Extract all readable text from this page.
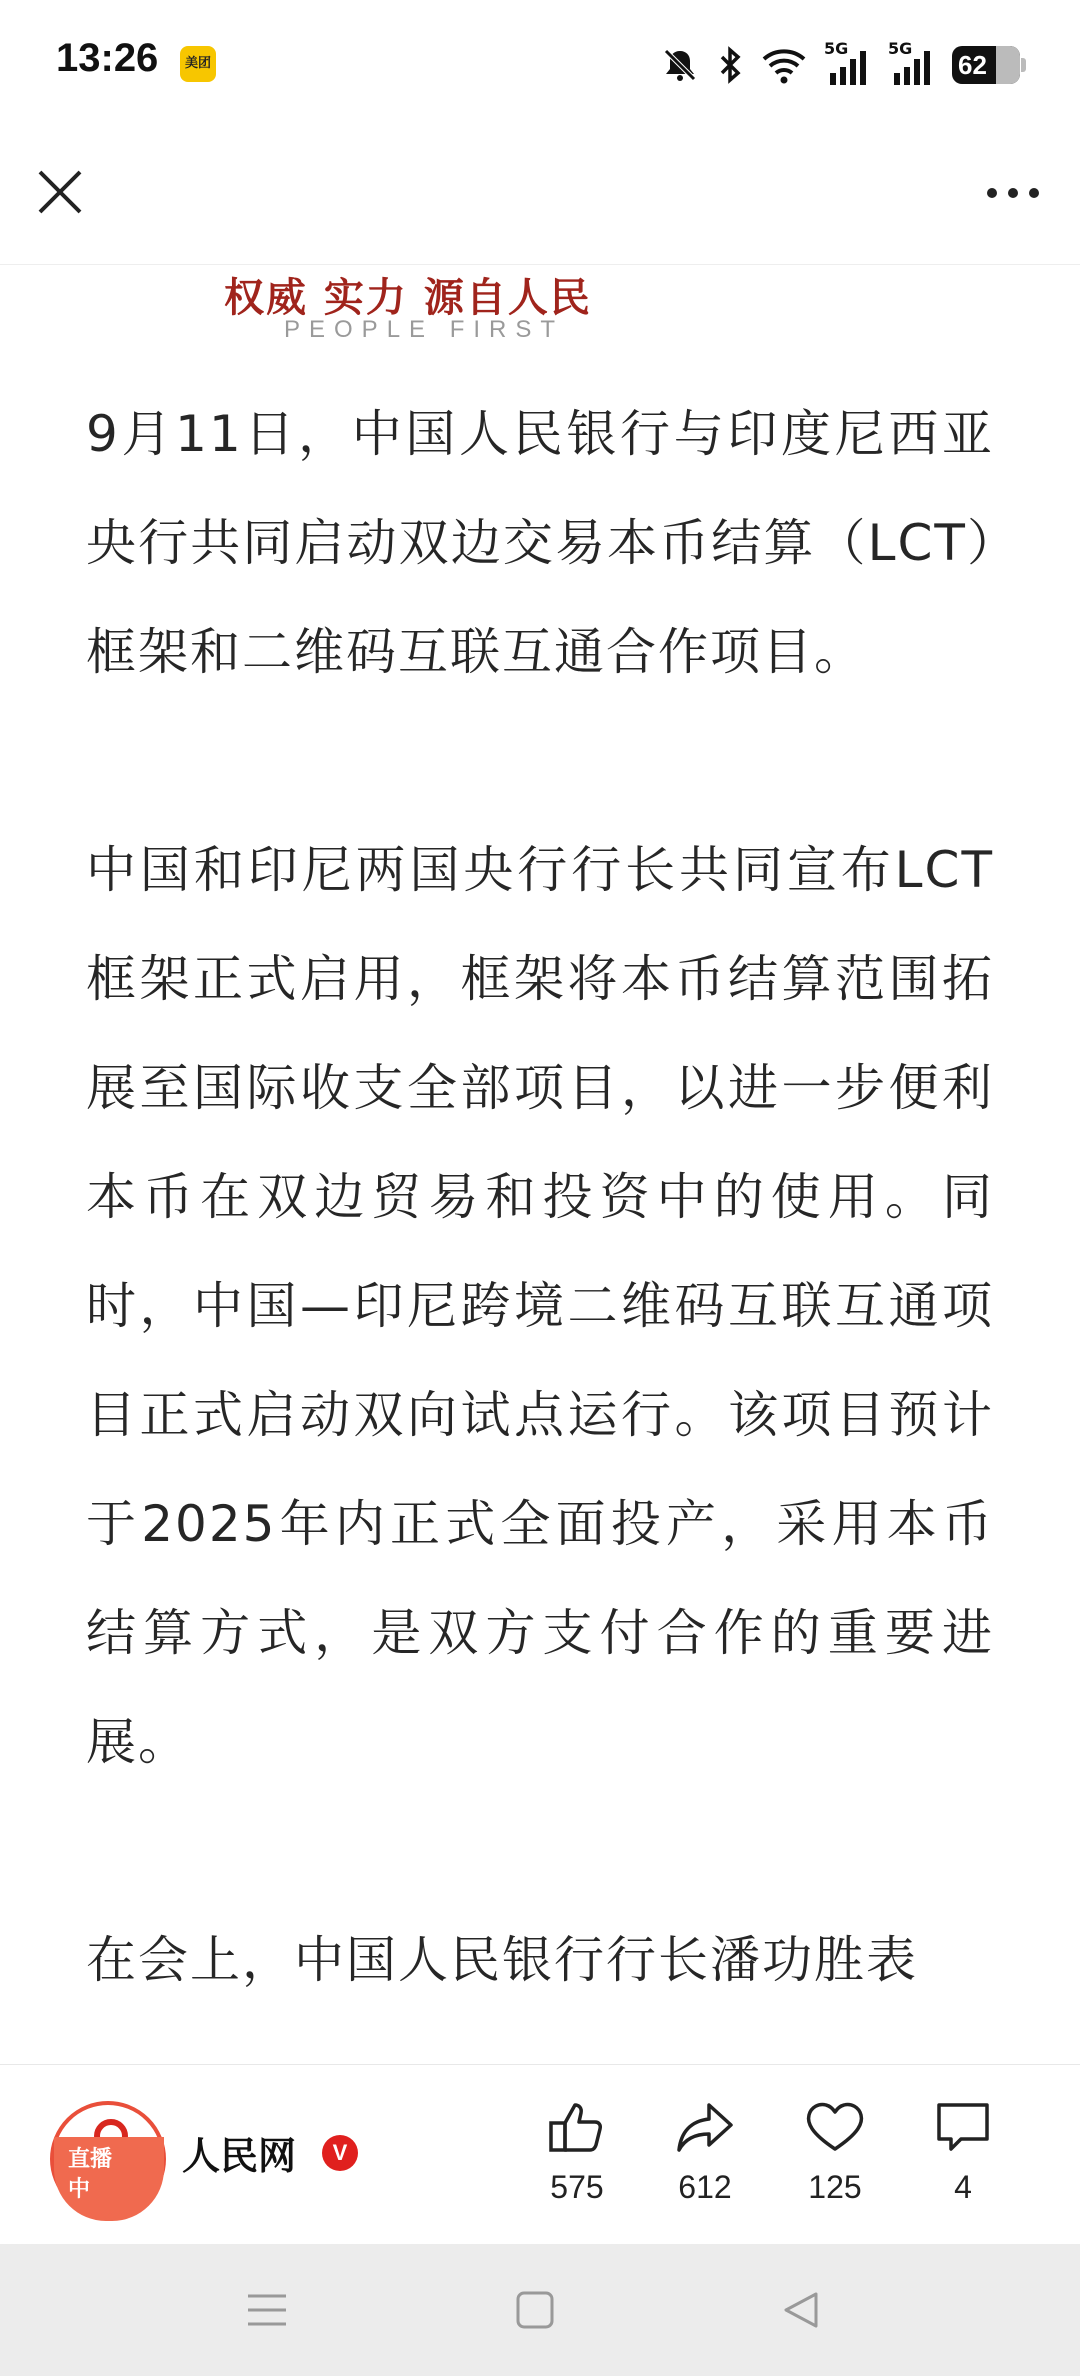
13:26	美团
5G 5G
62
权威 实力 源自人民
PEOPLE FIRST

9月11日，中国人民银行与印度尼西亚央行共同启动双边交易本币结算（LCT）框架和二维码互联互通合作项目。

中国和印尼两国央行行长共同宣布LCT框架正式启用，框架将本币结算范围拓展至国际收支全部项目，以进一步便利本币在双边贸易和投资中的使用。同时，中国—印尼跨境二维码互联互通项目正式启动双向试点运行。该项目预计于2025年内正式全面投产，采用本币结算方式，是双方支付合作的重要进展。

在会上，中国人民银行行长潘功胜表

直播
中
人民网	V
575	612	125	4
